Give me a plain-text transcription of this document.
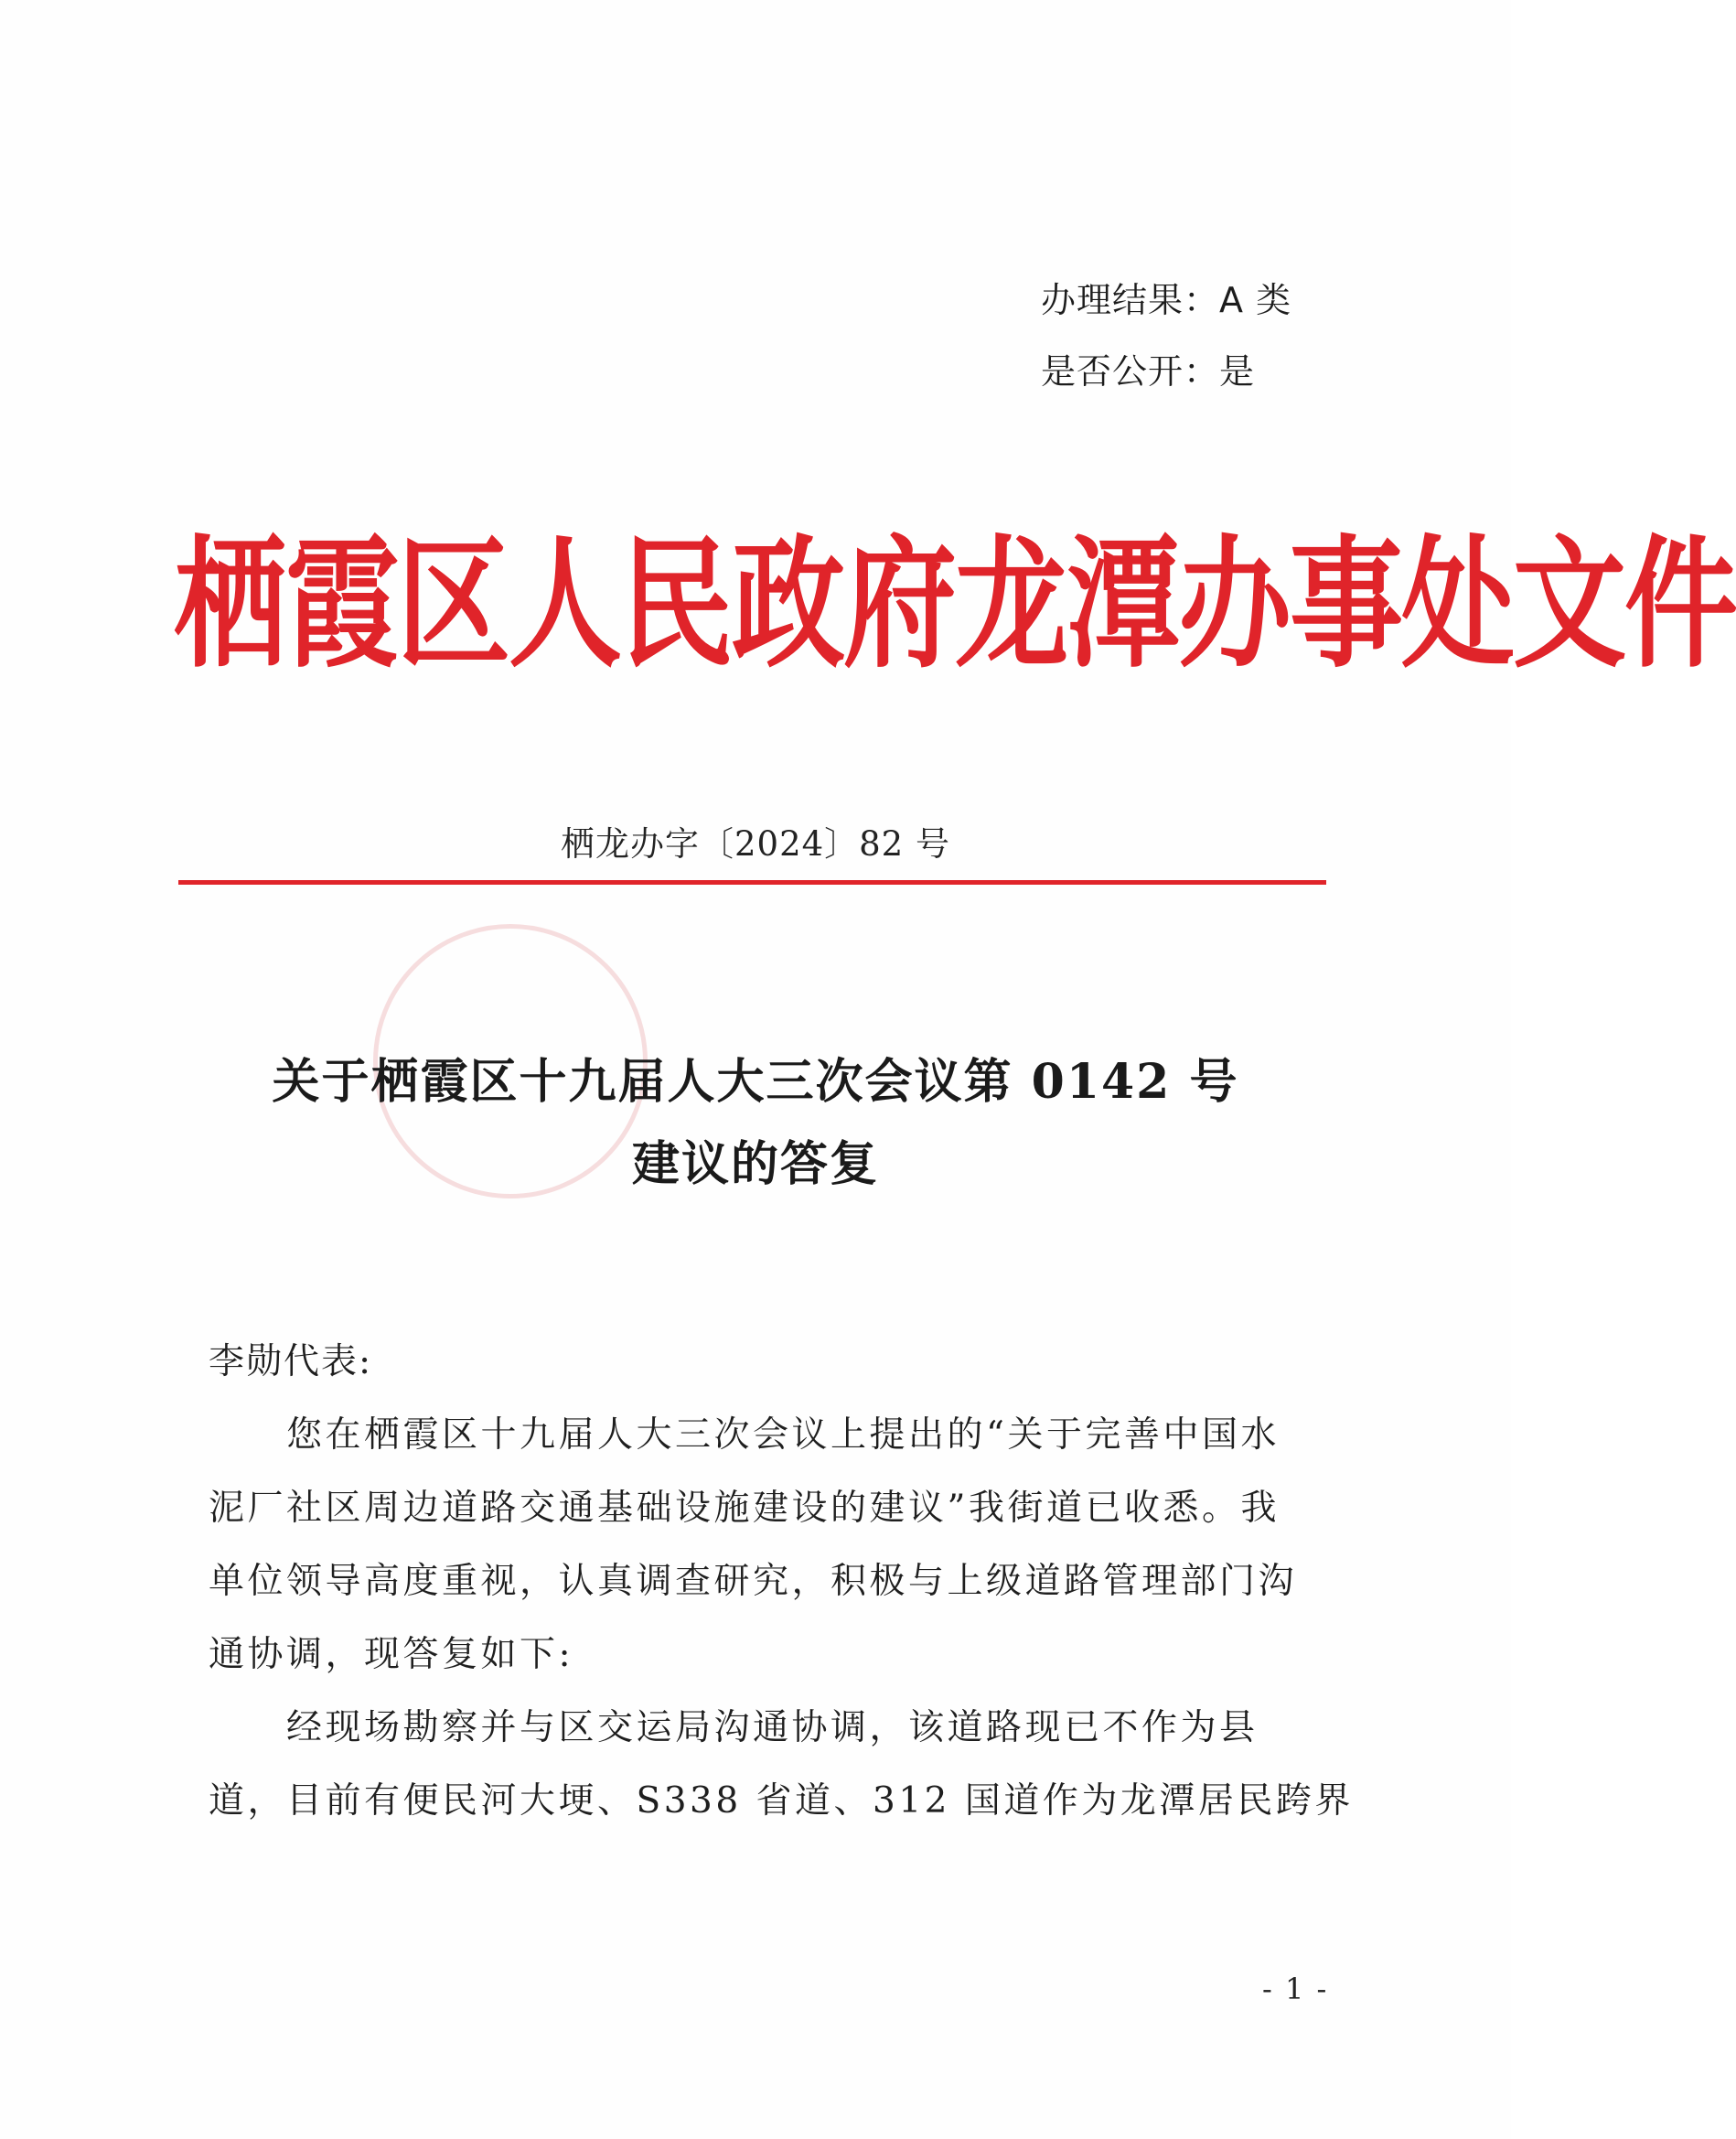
办理结果：A 类
是否公开：是
栖霞区人民政府龙潭办事处文件
栖龙办字〔2024〕82 号
关于栖霞区十九届人大三次会议第 0142 号
建议的答复
李勋代表:
您在栖霞区十九届人大三次会议上提出的“关于完善中国水
泥厂社区周边道路交通基础设施建设的建议”我街道已收悉。我
单位领导高度重视，认真调查研究，积极与上级道路管理部门沟
通协调，现答复如下:
经现场勘察并与区交运局沟通协调，该道路现已不作为县
道，目前有便民河大埂、S338 省道、312 国道作为龙潭居民跨界
- 1 -
